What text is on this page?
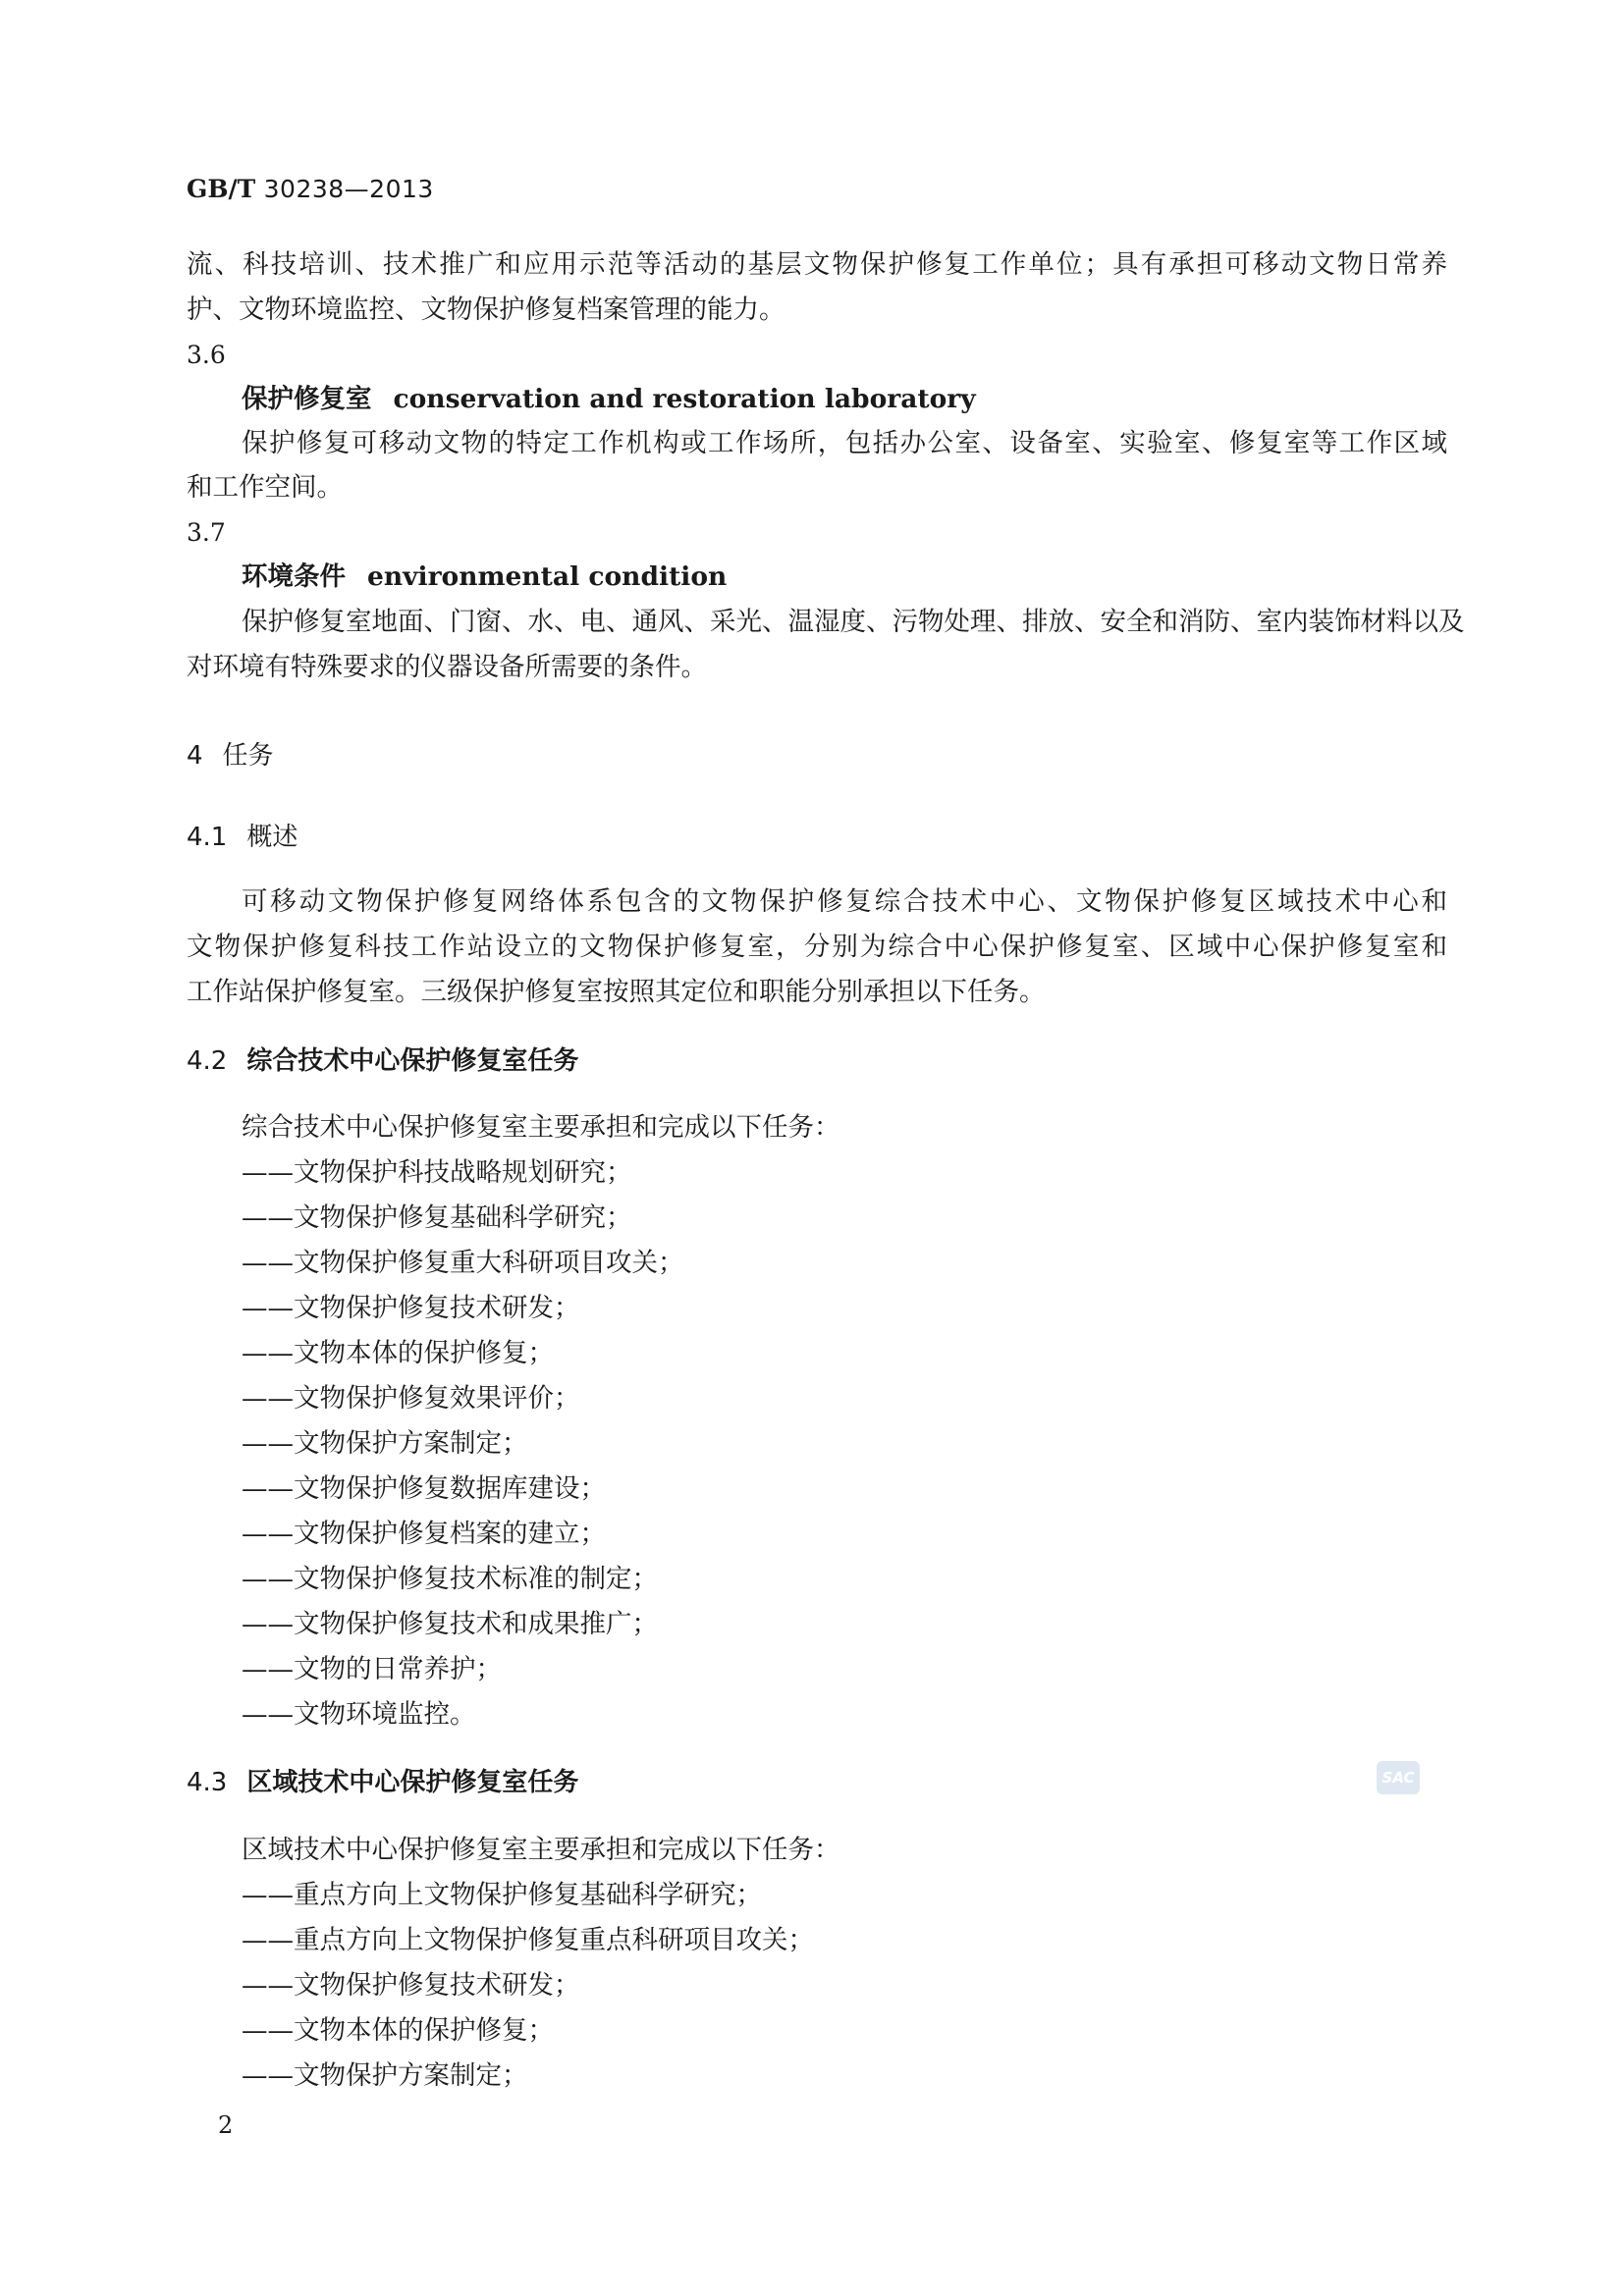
GB/T 30238—2013
流、科技培训、技术推广和应用示范等活动的基层文物保护修复工作单位；具有承担可移动文物日常养
护、文物环境监控、文物保护修复档案管理的能力。
3.6
保护修复室 conservation and restoration laboratory
保护修复可移动文物的特定工作机构或工作场所，包括办公室、设备室、实验室、修复室等工作区域
和工作空间。
3.7
环境条件 environmental condition
保护修复室地面、门窗、水、电、通风、采光、温湿度、污物处理、排放、安全和消防、室内装饰材料以及
对环境有特殊要求的仪器设备所需要的条件。
4 任务
4.1 概述
可移动文物保护修复网络体系包含的文物保护修复综合技术中心、文物保护修复区域技术中心和
文物保护修复科技工作站设立的文物保护修复室，分别为综合中心保护修复室、区域中心保护修复室和
工作站保护修复室。三级保护修复室按照其定位和职能分别承担以下任务。
4.2 综合技术中心保护修复室任务
综合技术中心保护修复室主要承担和完成以下任务：
——文物保护科技战略规划研究；
——文物保护修复基础科学研究；
——文物保护修复重大科研项目攻关；
——文物保护修复技术研发；
——文物本体的保护修复；
——文物保护修复效果评价；
——文物保护方案制定；
——文物保护修复数据库建设；
——文物保护修复档案的建立；
——文物保护修复技术标准的制定；
——文物保护修复技术和成果推广；
——文物的日常养护；
——文物环境监控。
4.3 区域技术中心保护修复室任务	SAC
区域技术中心保护修复室主要承担和完成以下任务：
——重点方向上文物保护修复基础科学研究；
——重点方向上文物保护修复重点科研项目攻关；
——文物保护修复技术研发；
——文物本体的保护修复；
——文物保护方案制定；
2
